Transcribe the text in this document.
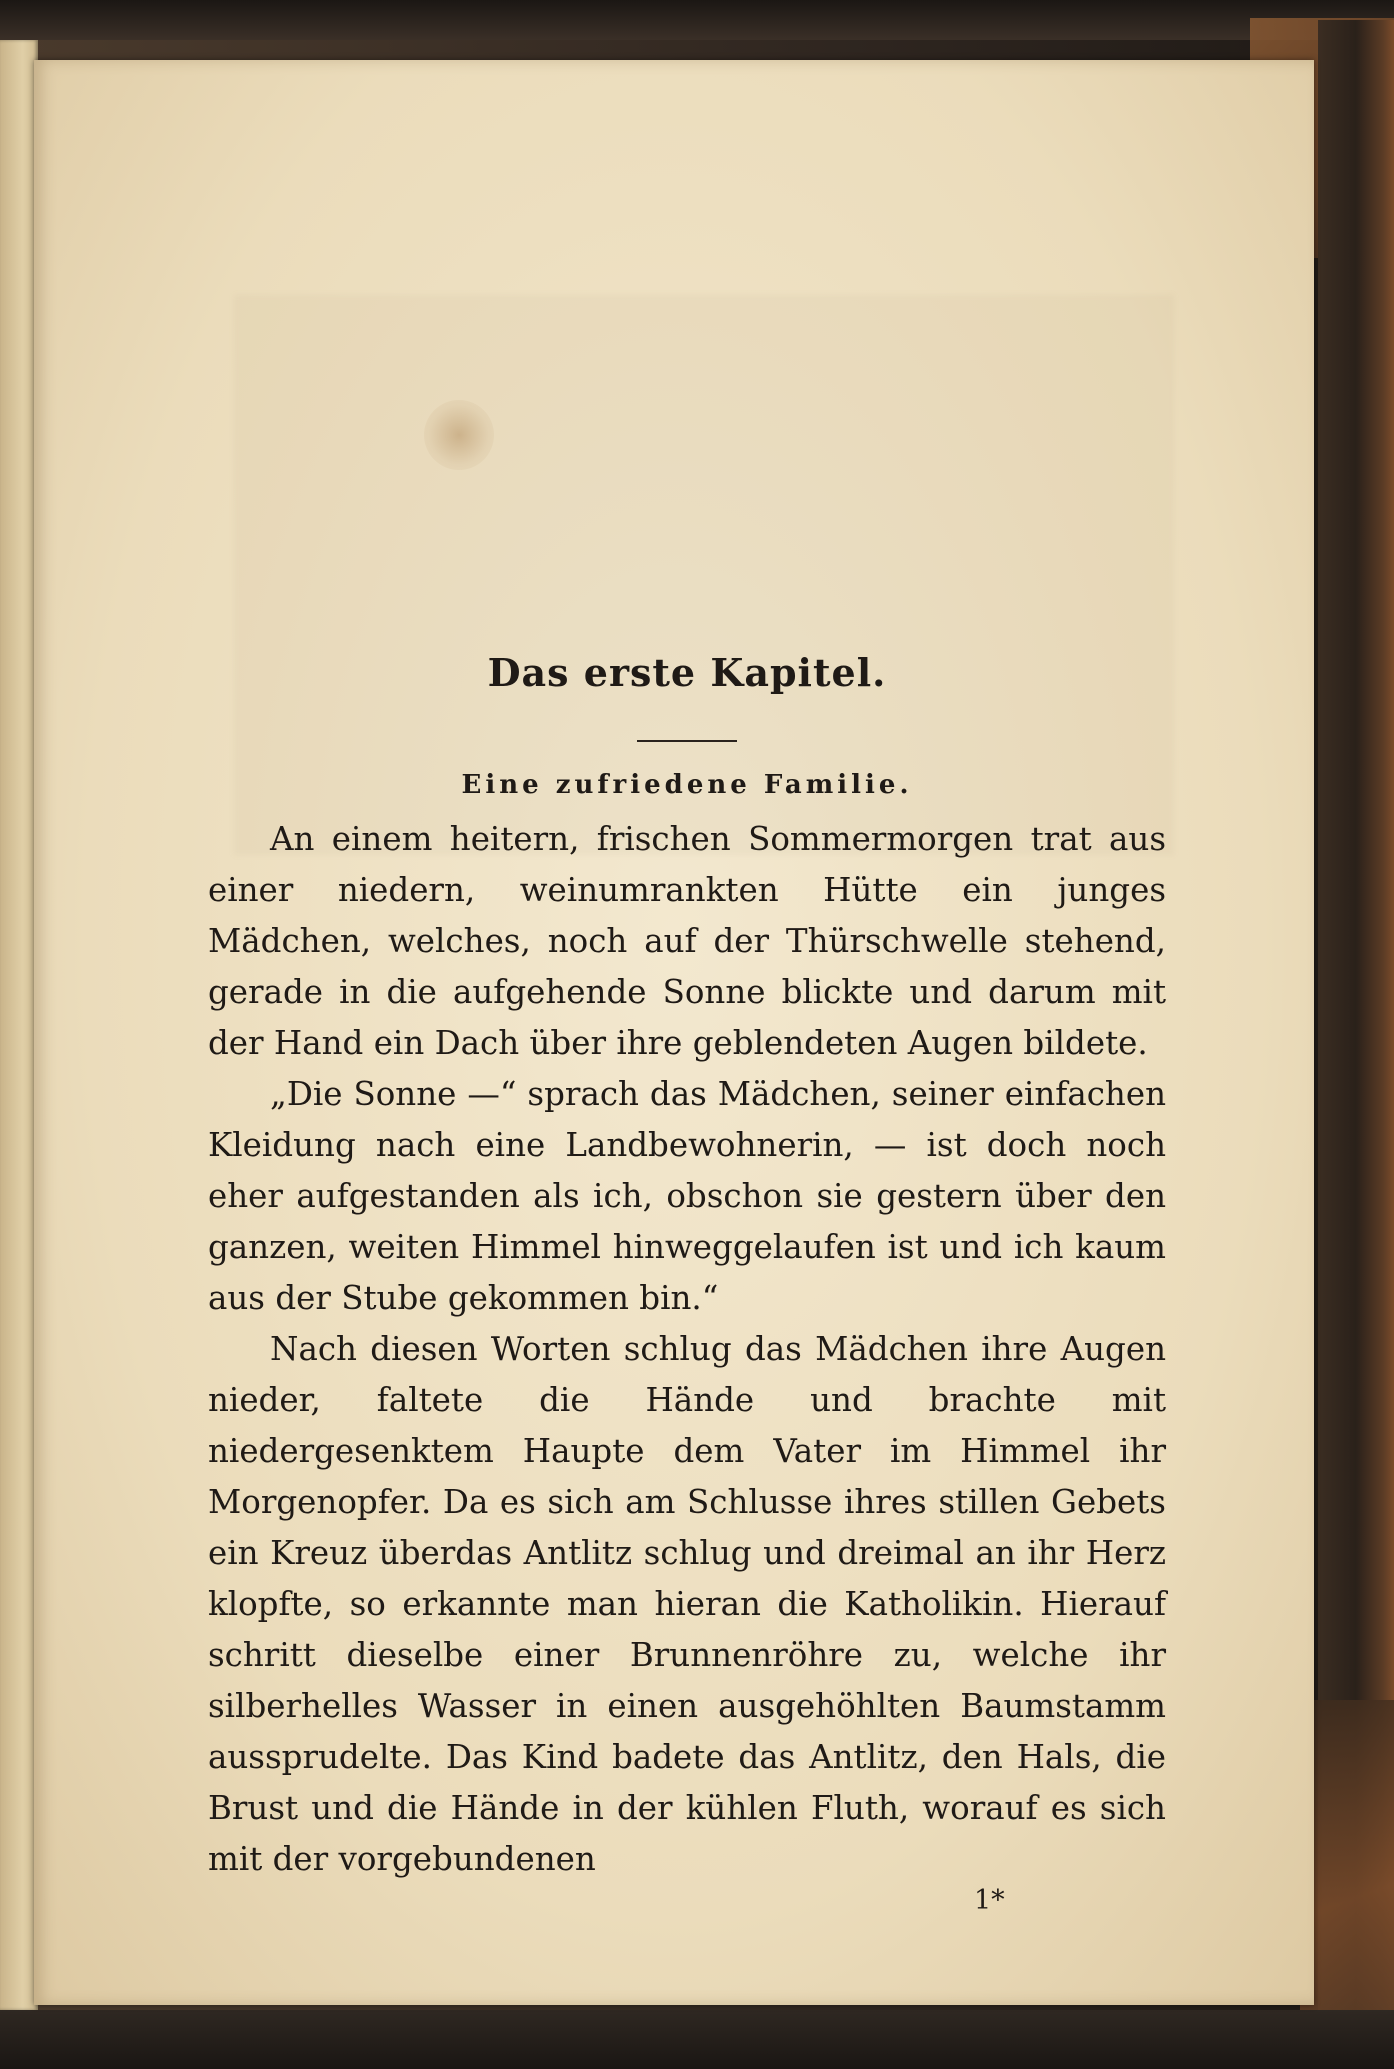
Das erste Kapitel.
Eine zufriedene Familie.

An einem heitern, frischen Sommermorgen trat aus einer niedern, weinumrankten Hütte ein junges Mädchen, welches, noch auf der Thürschwelle stehend, gerade in die aufgehende Sonne blickte und darum mit der Hand ein Dach über ihre geblendeten Augen bildete.

„Die Sonne —“ sprach das Mädchen, seiner einfachen Kleidung nach eine Landbewohnerin, — ist doch noch eher aufgestanden als ich, obschon sie gestern über den ganzen, weiten Himmel hinweggelaufen ist und ich kaum aus der Stube gekommen bin.“

Nach diesen Worten schlug das Mädchen ihre Augen nieder, faltete die Hände und brachte mit niedergesenktem Haupte dem Vater im Himmel ihr Morgenopfer. Da es sich am Schlusse ihres stillen Gebets ein Kreuz überdas Antlitz schlug und dreimal an ihr Herz klopfte, so erkannte man hieran die Katholikin. Hierauf schritt dieselbe einer Brunnenröhre zu, welche ihr silberhelles Wasser in einen ausgehöhlten Baumstamm aussprudelte. Das Kind badete das Antlitz, den Hals, die Brust und die Hände in der kühlen Fluth, worauf es sich mit der vorgebundenen

1*
